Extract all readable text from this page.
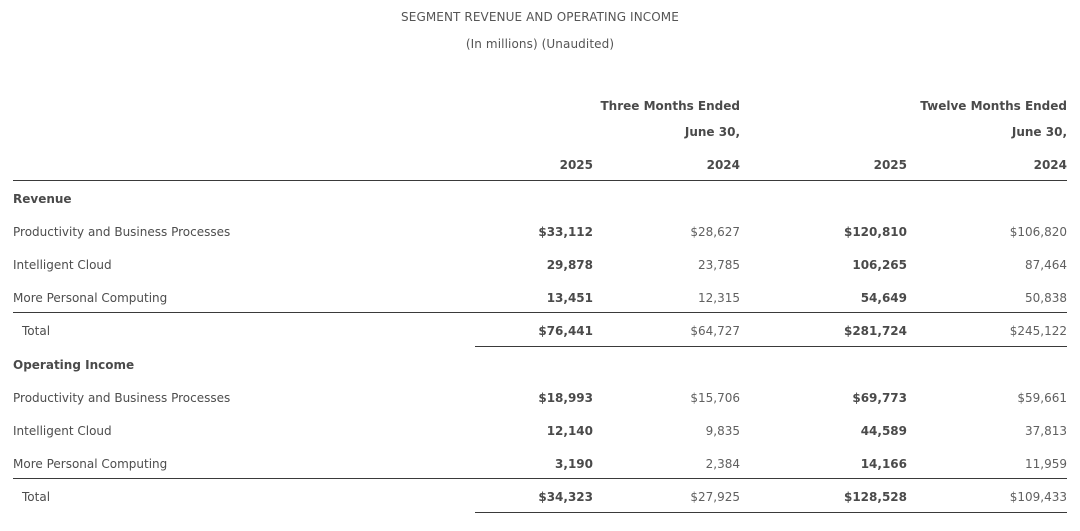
SEGMENT REVENUE AND OPERATING INCOME
(In millions) (Unaudited)
Three Months Ended
June 30,
Twelve Months Ended
June 30,
2025	2024	2025	2024
Revenue
Productivity and Business Processes	$33,112	$28,627	$120,810	$106,820
Intelligent Cloud	29,878	23,785	106,265	87,464
More Personal Computing	13,451	12,315	54,649	50,838
Total	$76,441	$64,727	$281,724	$245,122
Operating Income
Productivity and Business Processes	$18,993	$15,706	$69,773	$59,661
Intelligent Cloud	12,140	9,835	44,589	37,813
More Personal Computing	3,190	2,384	14,166	11,959
Total	$34,323	$27,925	$128,528	$109,433
